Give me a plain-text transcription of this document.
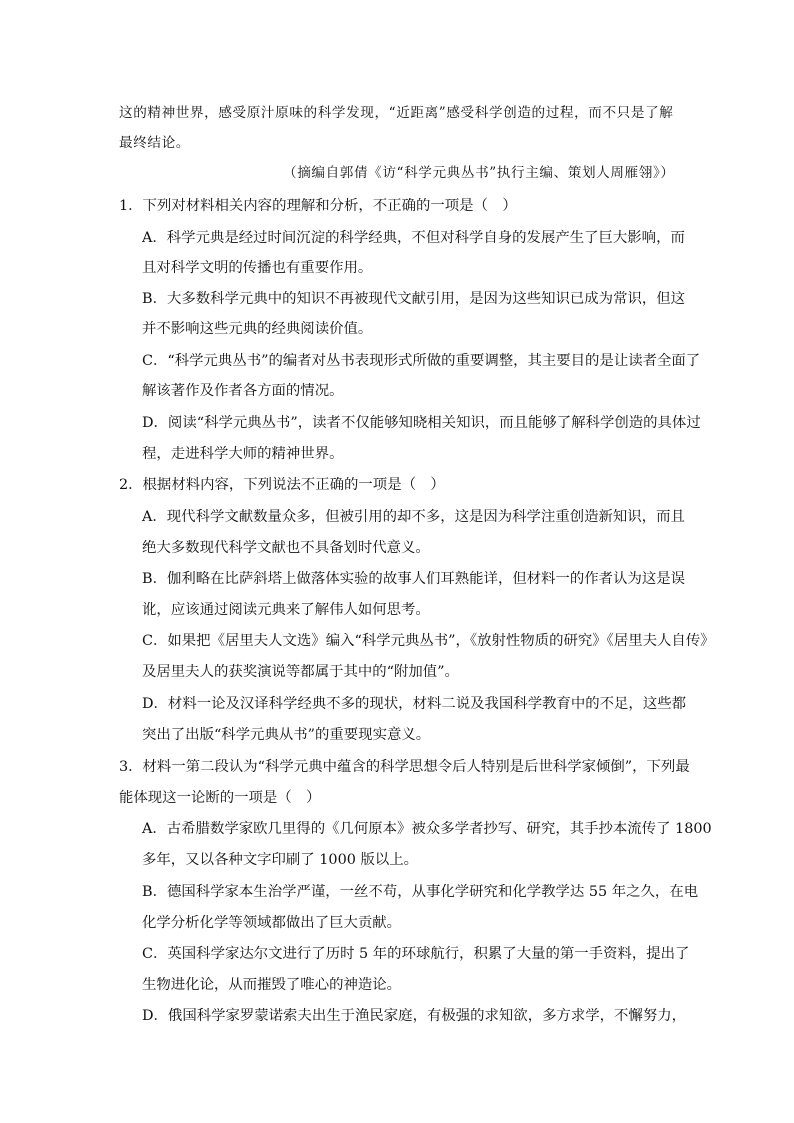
这的精神世界，感受原汁原味的科学发现，“近距离”感受科学创造的过程，而不只是了解
最终结论。
（摘编自郭倩《访“科学元典丛书”执行主编、策划人周雁翎》）
1．下列对材料相关内容的理解和分析，不正确的一项是（　）
A．科学元典是经过时间沉淀的科学经典，不但对科学自身的发展产生了巨大影响，而
且对科学文明的传播也有重要作用。
B．大多数科学元典中的知识不再被现代文献引用，是因为这些知识已成为常识，但这
并不影响这些元典的经典阅读价值。
C．“科学元典丛书”的编者对丛书表现形式所做的重要调整，其主要目的是让读者全面了
解该著作及作者各方面的情况。
D．阅读“科学元典丛书”，读者不仅能够知晓相关知识，而且能够了解科学创造的具体过
程，走进科学大师的精神世界。
2．根据材料内容，下列说法不正确的一项是（　）
A．现代科学文献数量众多，但被引用的却不多，这是因为科学注重创造新知识，而且
绝大多数现代科学文献也不具备划时代意义。
B．伽利略在比萨斜塔上做落体实验的故事人们耳熟能详，但材料一的作者认为这是误
讹，应该通过阅读元典来了解伟人如何思考。
C．如果把《居里夫人文选》编入“科学元典丛书”，《放射性物质的研究》《居里夫人自传》
及居里夫人的获奖演说等都属于其中的“附加值”。
D．材料一论及汉译科学经典不多的现状，材料二说及我国科学教育中的不足，这些都
突出了出版“科学元典从书”的重要现实意义。
3．材料一第二段认为“科学元典中蕴含的科学思想令后人特别是后世科学家倾倒”，下列最
能体现这一论断的一项是（　）
A．古希腊数学家欧几里得的《几何原本》被众多学者抄写、研究，其手抄本流传了 1800
多年，又以各种文字印刷了 1000 版以上。
B．德国科学家本生治学严谨，一丝不苟，从事化学研究和化学教学达 55 年之久，在电
化学分析化学等领域都做出了巨大贡献。
C．英国科学家达尔文进行了历时 5 年的环球航行，积累了大量的第一手资料，提出了
生物进化论，从而摧毁了唯心的神造论。
D．俄国科学家罗蒙诺索夫出生于渔民家庭，有极强的求知欲，多方求学，不懈努力，
